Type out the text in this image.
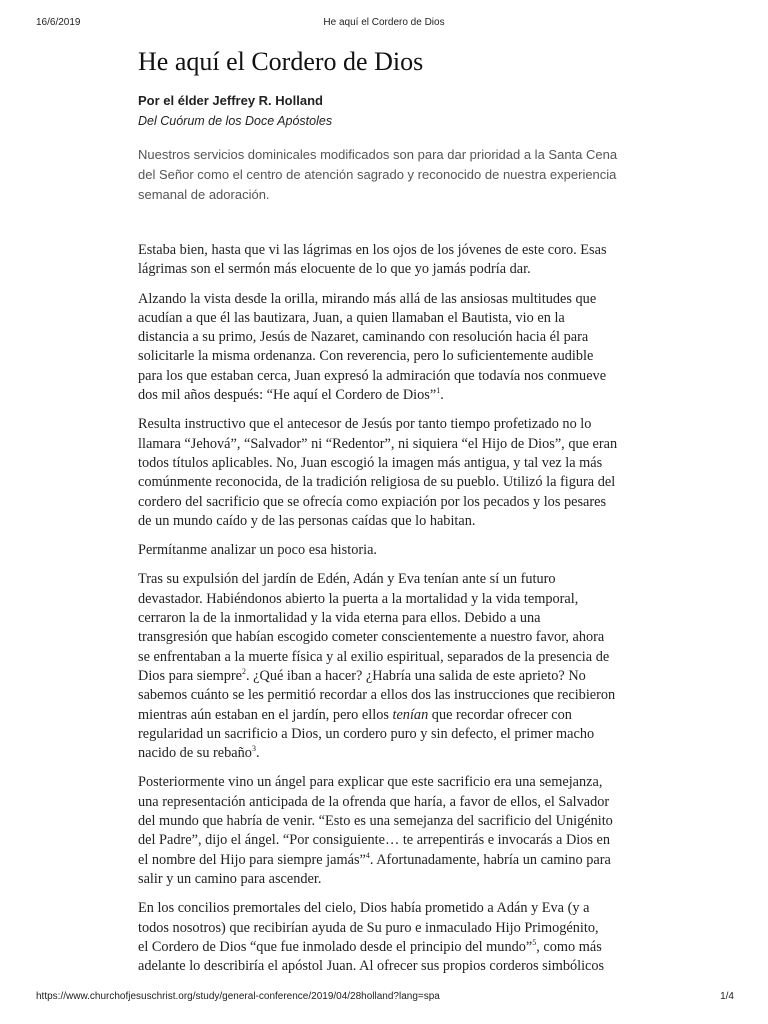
16/6/2019	He aquí el Cordero de Dios
He aquí el Cordero de Dios
Por el élder Jeffrey R. Holland
Del Cuórum de los Doce Apóstoles
Nuestros servicios dominicales modificados son para dar prioridad a la Santa Cena
del Señor como el centro de atención sagrado y reconocido de nuestra experiencia
semanal de adoración.

Estaba bien, hasta que vi las lágrimas en los ojos de los jóvenes de este coro. Esas
lágrimas son el sermón más elocuente de lo que yo jamás podría dar.

Alzando la vista desde la orilla, mirando más allá de las ansiosas multitudes que
acudían a que él las bautizara, Juan, a quien llamaban el Bautista, vio en la
distancia a su primo, Jesús de Nazaret, caminando con resolución hacia él para
solicitarle la misma ordenanza. Con reverencia, pero lo suficientemente audible
para los que estaban cerca, Juan expresó la admiración que todavía nos conmueve
dos mil años después: “He aquí el Cordero de Dios”$^1$.

Resulta instructivo que el antecesor de Jesús por tanto tiempo profetizado no lo
llamara “Jehová”, “Salvador” ni “Redentor”, ni siquiera “el Hijo de Dios”, que eran
todos títulos aplicables. No, Juan escogió la imagen más antigua, y tal vez la más
comúnmente reconocida, de la tradición religiosa de su pueblo. Utilizó la figura del
cordero del sacrificio que se ofrecía como expiación por los pecados y los pesares
de un mundo caído y de las personas caídas que lo habitan.

Permítanme analizar un poco esa historia.

Tras su expulsión del jardín de Edén, Adán y Eva tenían ante sí un futuro
devastador. Habiéndonos abierto la puerta a la mortalidad y la vida temporal,
cerraron la de la inmortalidad y la vida eterna para ellos. Debido a una
transgresión que habían escogido cometer conscientemente a nuestro favor, ahora
se enfrentaban a la muerte física y al exilio espiritual, separados de la presencia de
Dios para siempre$^2$. ¿Qué iban a hacer? ¿Habría una salida de este aprieto? No
sabemos cuánto se les permitió recordar a ellos dos las instrucciones que recibieron
mientras aún estaban en el jardín, pero ellos tenían que recordar ofrecer con
regularidad un sacrificio a Dios, un cordero puro y sin defecto, el primer macho
nacido de su rebaño$^3$.

Posteriormente vino un ángel para explicar que este sacrificio era una semejanza,
una representación anticipada de la ofrenda que haría, a favor de ellos, el Salvador
del mundo que habría de venir. “Esto es una semejanza del sacrificio del Unigénito
del Padre”, dijo el ángel. “Por consiguiente… te arrepentirás e invocarás a Dios en
el nombre del Hijo para siempre jamás”$^4$. Afortunadamente, habría un camino para
salir y un camino para ascender.

En los concilios premortales del cielo, Dios había prometido a Adán y Eva (y a
todos nosotros) que recibirían ayuda de Su puro e inmaculado Hijo Primogénito,
el Cordero de Dios “que fue inmolado desde el principio del mundo”$^5$, como más
adelante lo describiría el apóstol Juan. Al ofrecer sus propios corderos simbólicos

https://www.churchofjesuschrist.org/study/general-conference/2019/04/28holland?lang=spa	1/4
